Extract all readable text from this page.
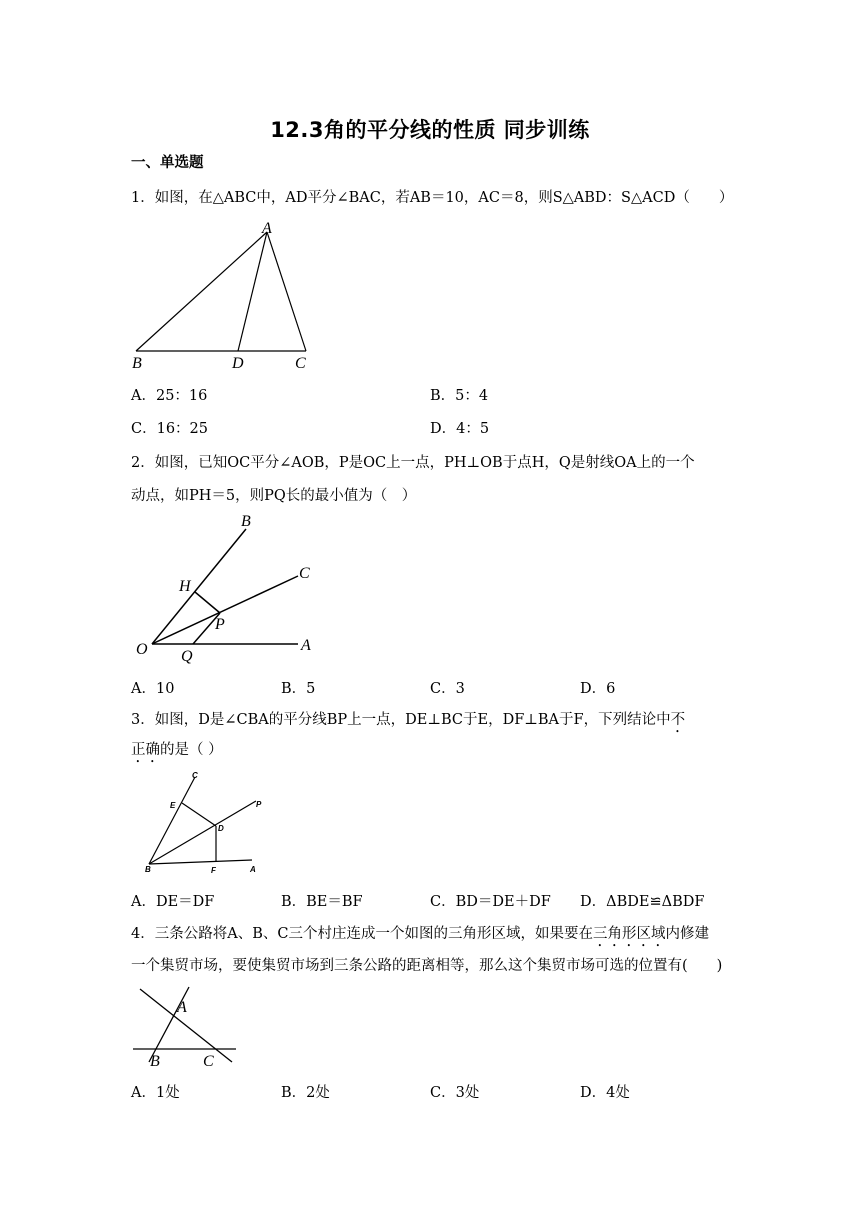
12.3角的平分线的性质 同步训练
一、单选题
1．如图，在△ABC中，AD平分∠BAC，若AB＝10，AC＝8，则S△ABD：S△ACD（　　）
A
B	D	C
A．25：16	B．5：4
C．16：25	D．4：5
2．如图，已知OC平分∠AOB，P是OC上一点，PH⊥OB于点H，Q是射线OA上的一个
动点，如PH＝5，则PQ长的最小值为（　）
B
C
H
P
O Q
A
A．10	B．5	C．3	D．6
3．如图，D是∠CBA的平分线BP上一点，DE⊥BC于E，DF⊥BA于F，下列结论中不
正确的是（ ）
C
E
D
P
B	F	A
A．DE＝DF	B．BE＝BF	C．BD＝DE＋DF D．ΔBDE≌ΔBDF
4．三条公路将A、B、C三个村庄连成一个如图的三角形区域，如果要在三角形区域内修建
一个集贸市场，要使集贸市场到三条公路的距离相等，那么这个集贸市场可选的位置有(　　)
A
B	C
A．1处	B．2处	C．3处	D．4处
